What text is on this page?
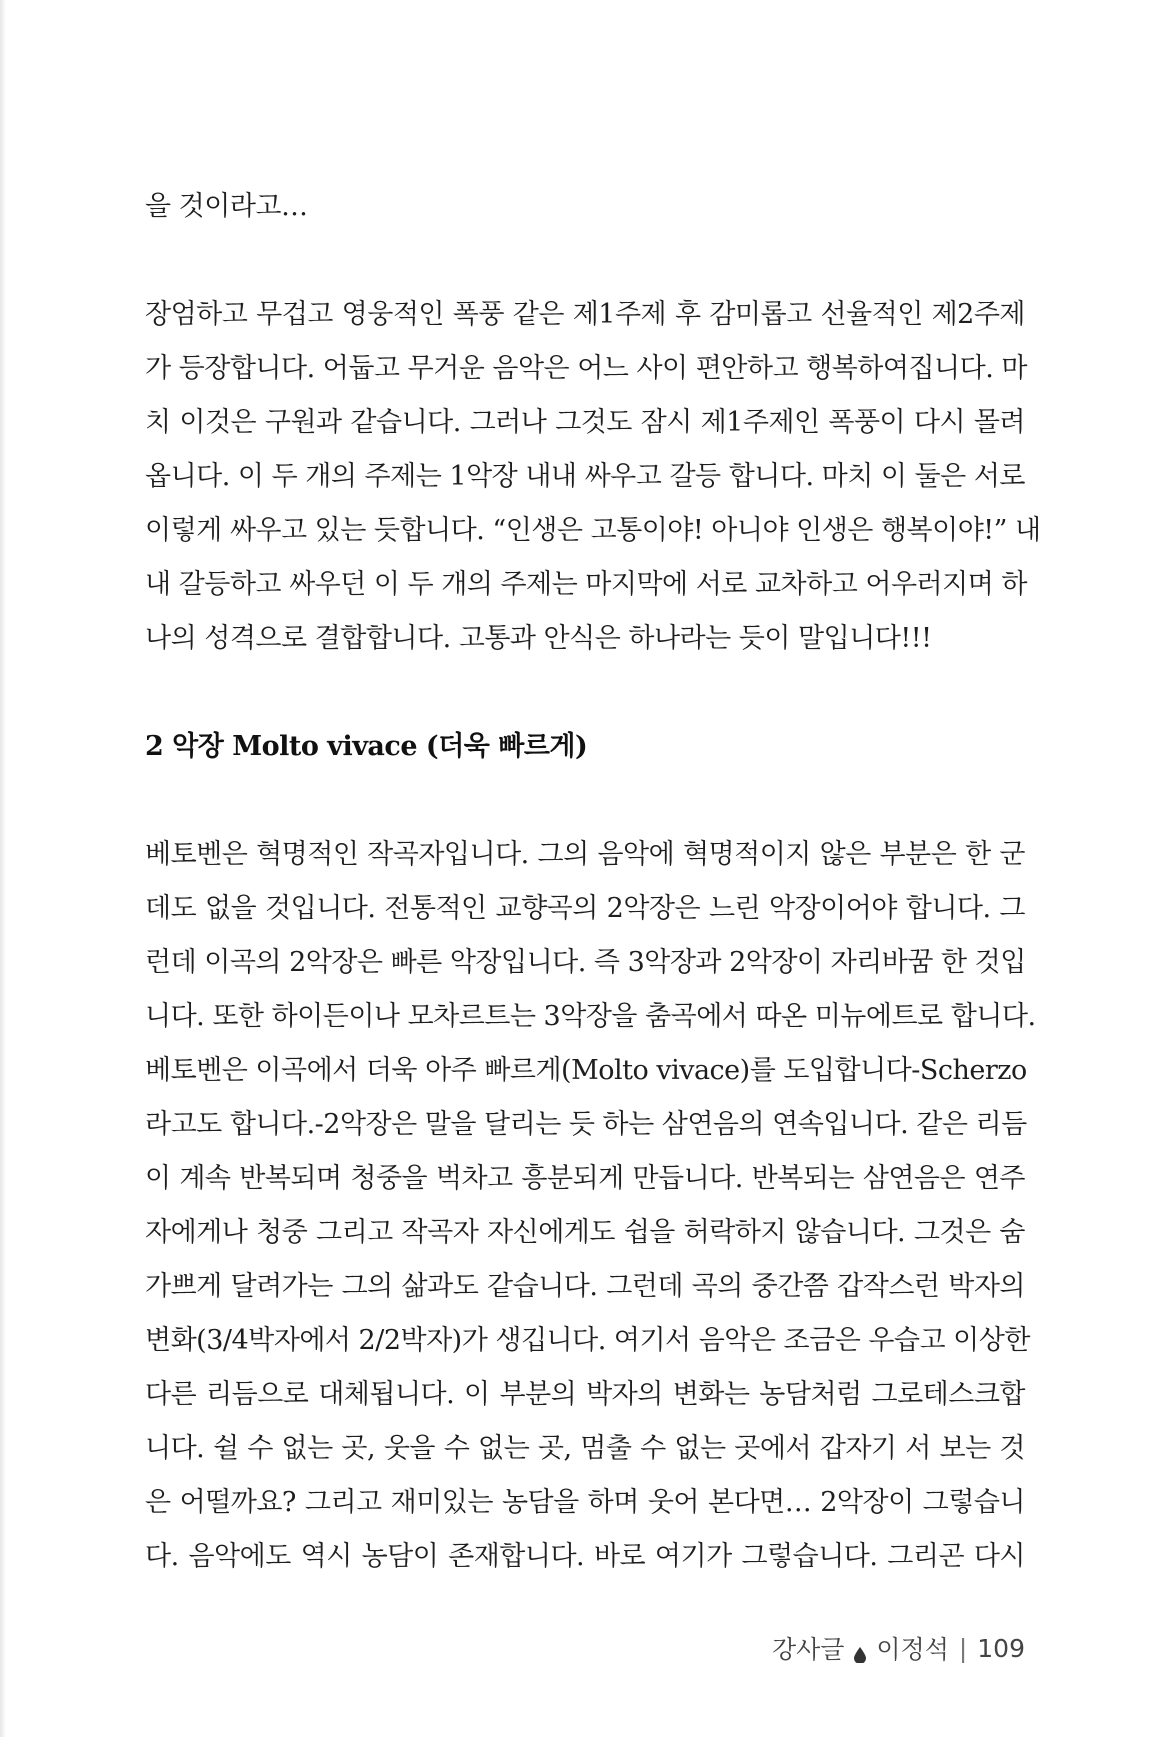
을 것이라고…
장엄하고 무겁고 영웅적인 폭풍 같은 제1주제 후 감미롭고 선율적인 제2주제
가 등장합니다. 어둡고 무거운 음악은 어느 사이 편안하고 행복하여집니다. 마
치 이것은 구원과 같습니다. 그러나 그것도 잠시 제1주제인 폭풍이 다시 몰려
옵니다. 이 두 개의 주제는 1악장 내내 싸우고 갈등 합니다. 마치 이 둘은 서로
이렇게 싸우고 있는 듯합니다. “인생은 고통이야! 아니야 인생은 행복이야!” 내
내 갈등하고 싸우던 이 두 개의 주제는 마지막에 서로 교차하고 어우러지며 하
나의 성격으로 결합합니다. 고통과 안식은 하나라는 듯이 말입니다!!!
2 악장 Molto vivace (더욱 빠르게)
베토벤은 혁명적인 작곡자입니다. 그의 음악에 혁명적이지 않은 부분은 한 군
데도 없을 것입니다. 전통적인 교향곡의 2악장은 느린 악장이어야 합니다. 그
런데 이곡의 2악장은 빠른 악장입니다. 즉 3악장과 2악장이 자리바꿈 한 것입
니다. 또한 하이든이나 모차르트는 3악장을 춤곡에서 따온 미뉴에트로 합니다.
베토벤은 이곡에서 더욱 아주 빠르게(Molto vivace)를 도입합니다-Scherzo
라고도 합니다.-2악장은 말을 달리는 듯 하는 삼연음의 연속입니다. 같은 리듬
이 계속 반복되며 청중을 벅차고 흥분되게 만듭니다. 반복되는 삼연음은 연주
자에게나 청중 그리고 작곡자 자신에게도 쉽을 허락하지 않습니다. 그것은 숨
가쁘게 달려가는 그의 삶과도 같습니다. 그런데 곡의 중간쯤 갑작스런 박자의
변화(3/4박자에서 2/2박자)가 생깁니다. 여기서 음악은 조금은 우습고 이상한
다른 리듬으로 대체됩니다. 이 부분의 박자의 변화는 농담처럼 그로테스크합
니다. 쉴 수 없는 곳, 웃을 수 없는 곳, 멈출 수 없는 곳에서 갑자기 서 보는 것
은 어떨까요? 그리고 재미있는 농담을 하며 웃어 본다면… 2악장이 그렇습니
다. 음악에도 역시 농담이 존재합니다. 바로 여기가 그렇습니다. 그리곤 다시
강사글 이정석 | 109
